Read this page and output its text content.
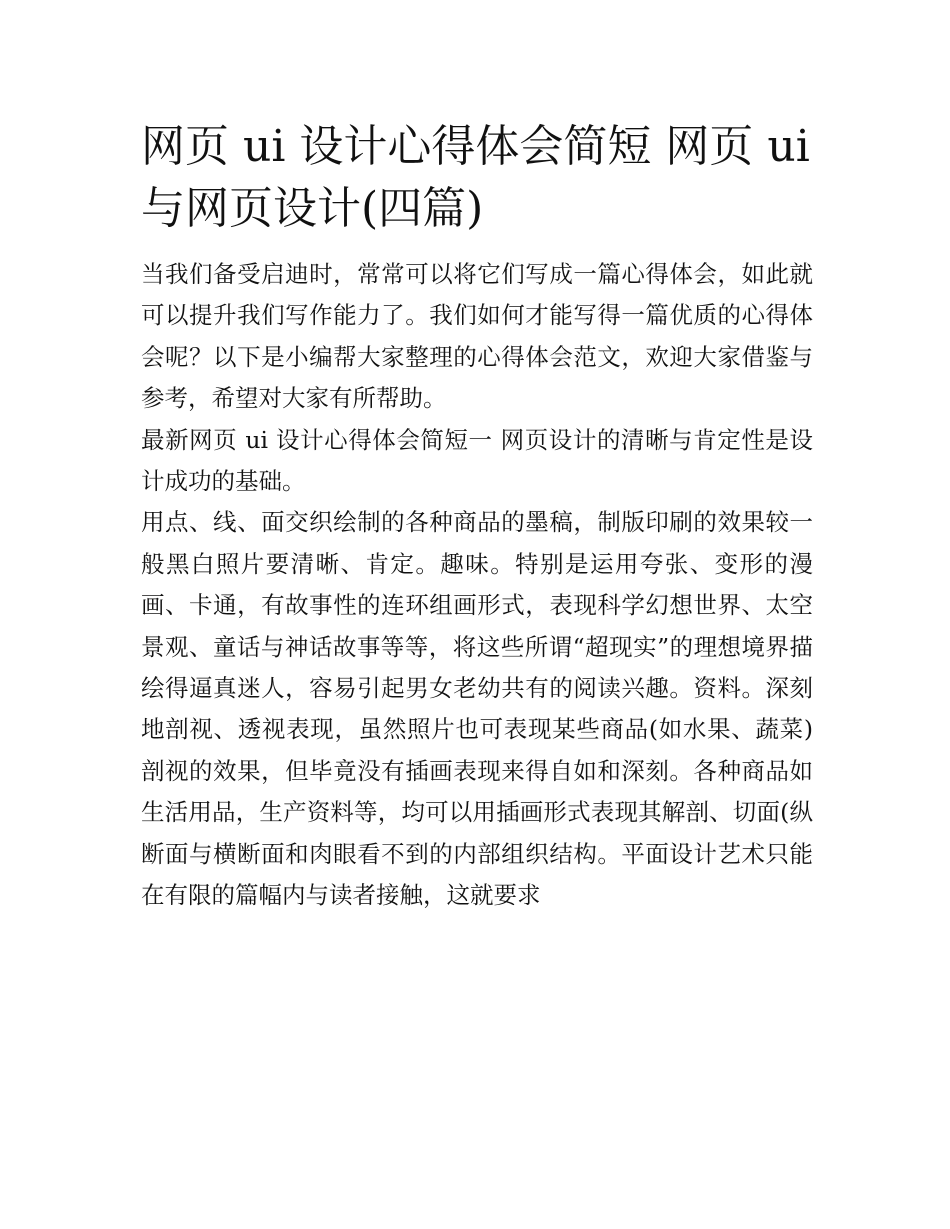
网页 ui 设计心得体会简短 网页 ui 与网页设计(四篇)

当我们备受启迪时，常常可以将它们写成一篇心得体会，如此就可以提升我们写作能力了。我们如何才能写得一篇优质的心得体会呢？以下是小编帮大家整理的心得体会范文，欢迎大家借鉴与参考，希望对大家有所帮助。

最新网页 ui 设计心得体会简短一 网页设计的清晰与肯定性是设计成功的基础。

用点、线、面交织绘制的各种商品的墨稿，制版印刷的效果较一般黑白照片要清晰、肯定。趣味。特别是运用夸张、变形的漫画、卡通，有故事性的连环组画形式，表现科学幻想世界、太空景观、童话与神话故事等等，将这些所谓“超现实”的理想境界描绘得逼真迷人，容易引起男女老幼共有的阅读兴趣。资料。深刻地剖视、透视表现，虽然照片也可表现某些商品(如水果、蔬菜)剖视的效果，但毕竟没有插画表现来得自如和深刻。各种商品如生活用品，生产资料等，均可以用插画形式表现其解剖、切面(纵断面与横断面和肉眼看不到的内部组织结构。平面设计艺术只能在有限的篇幅内与读者接触，这就要求
